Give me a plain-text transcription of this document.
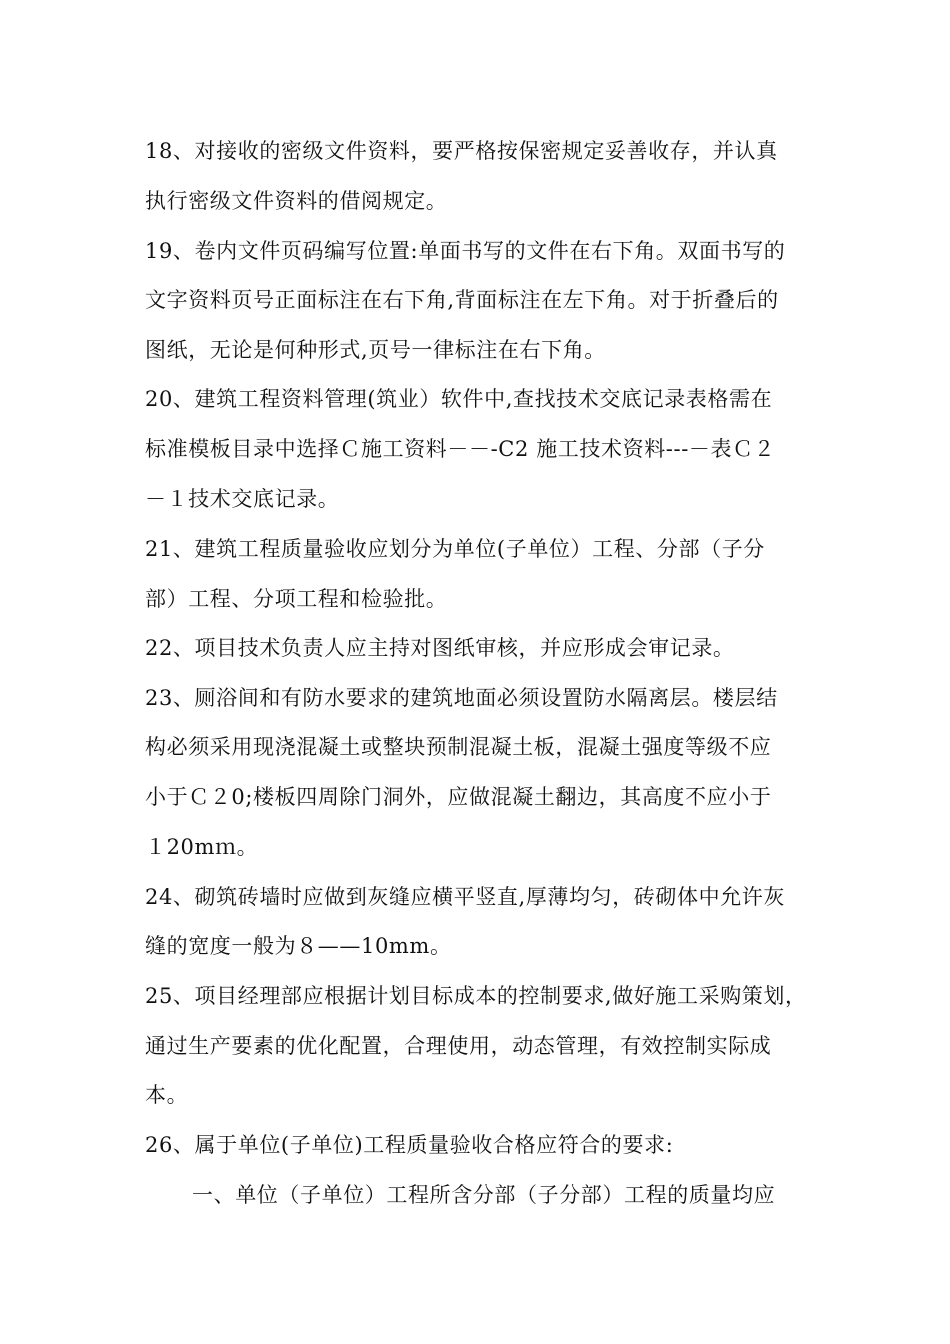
18、对接收的密级文件资料，要严格按保密规定妥善收存，并认真
执行密级文件资料的借阅规定。
19、卷内文件页码编写位置:单面书写的文件在右下角。双面书写的
文字资料页号正面标注在右下角,背面标注在左下角。对于折叠后的
图纸，无论是何种形式,页号一律标注在右下角。
20、建筑工程资料管理(筑业）软件中,查找技术交底记录表格需在
标准模板目录中选择Ｃ施工资料－－-C2 施工技术资料---－表Ｃ２
－１技术交底记录。
21、建筑工程质量验收应划分为单位(子单位）工程、分部（子分
部）工程、分项工程和检验批。
22、项目技术负责人应主持对图纸审核，并应形成会审记录。
23、厕浴间和有防水要求的建筑地面必须设置防水隔离层。楼层结
构必须采用现浇混凝土或整块预制混凝土板，混凝土强度等级不应
小于Ｃ２0;楼板四周除门洞外，应做混凝土翻边，其高度不应小于
１20mｍ。
24、砌筑砖墙时应做到灰缝应横平竖直,厚薄均匀，砖砌体中允许灰
缝的宽度一般为８——10mm。
25、项目经理部应根据计划目标成本的控制要求,做好施工采购策划，
通过生产要素的优化配置，合理使用，动态管理，有效控制实际成
本。
26、属于单位(子单位)工程质量验收合格应符合的要求:
一、单位（子单位）工程所含分部（子分部）工程的质量均应
